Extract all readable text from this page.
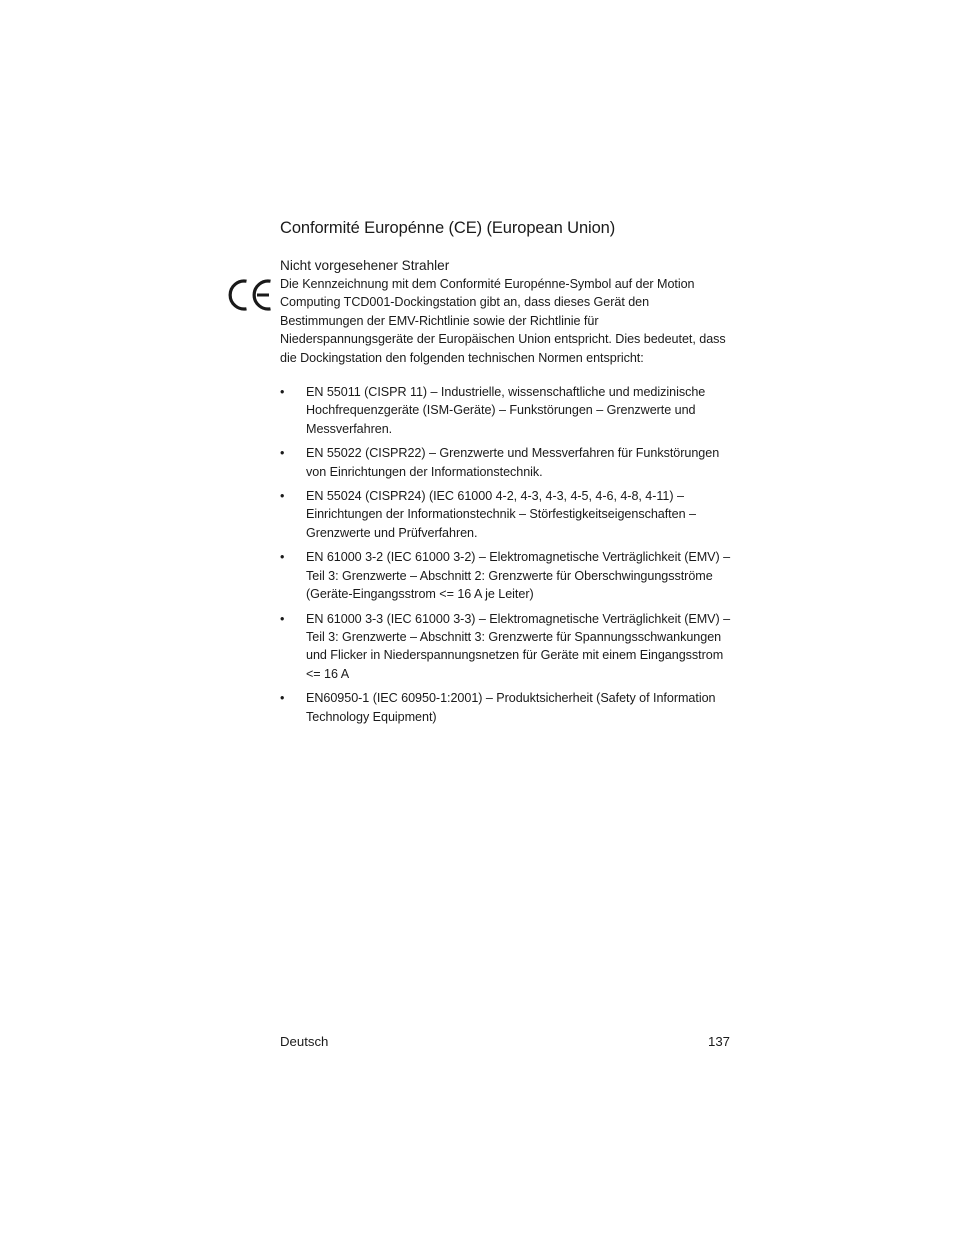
Conformité Europénne (CE) (European Union)
Nicht vorgesehener Strahler

Die Kennzeichnung mit dem Conformité Europénne-Symbol auf der Motion Computing TCD001-Dockingstation gibt an, dass dieses Gerät den Bestimmungen der EMV-Richtlinie sowie der Richtlinie für Niederspannungsgeräte der Europäischen Union entspricht. Dies bedeutet, dass die Dockingstation den folgenden technischen Normen entspricht:

• EN 55011 (CISPR 11) – Industrielle, wissenschaftliche und medizinische Hochfrequenzgeräte (ISM-Geräte) – Funkstörungen – Grenzwerte und Messverfahren.
• EN 55022 (CISPR22) – Grenzwerte und Messverfahren für Funkstörungen von Einrichtungen der Informationstechnik.
• EN 55024 (CISPR24) (IEC 61000 4-2, 4-3, 4-3, 4-5, 4-6, 4-8, 4-11) – Einrichtungen der Informationstechnik – Störfestigkeitseigenschaften – Grenzwerte und Prüfverfahren.
• EN 61000 3-2 (IEC 61000 3-2) – Elektromagnetische Verträglichkeit (EMV) – Teil 3: Grenzwerte – Abschnitt 2: Grenzwerte für Oberschwingungsströme (Geräte-Eingangsstrom <= 16 A je Leiter)
• EN 61000 3-3 (IEC 61000 3-3) – Elektromagnetische Verträglichkeit (EMV) – Teil 3: Grenzwerte – Abschnitt 3: Grenzwerte für Spannungsschwankungen und Flicker in Niederspannungsnetzen für Geräte mit einem Eingangsstrom <= 16 A
• EN60950-1 (IEC 60950-1:2001) – Produktsicherheit (Safety of Information Technology Equipment)
Deutsch	137
